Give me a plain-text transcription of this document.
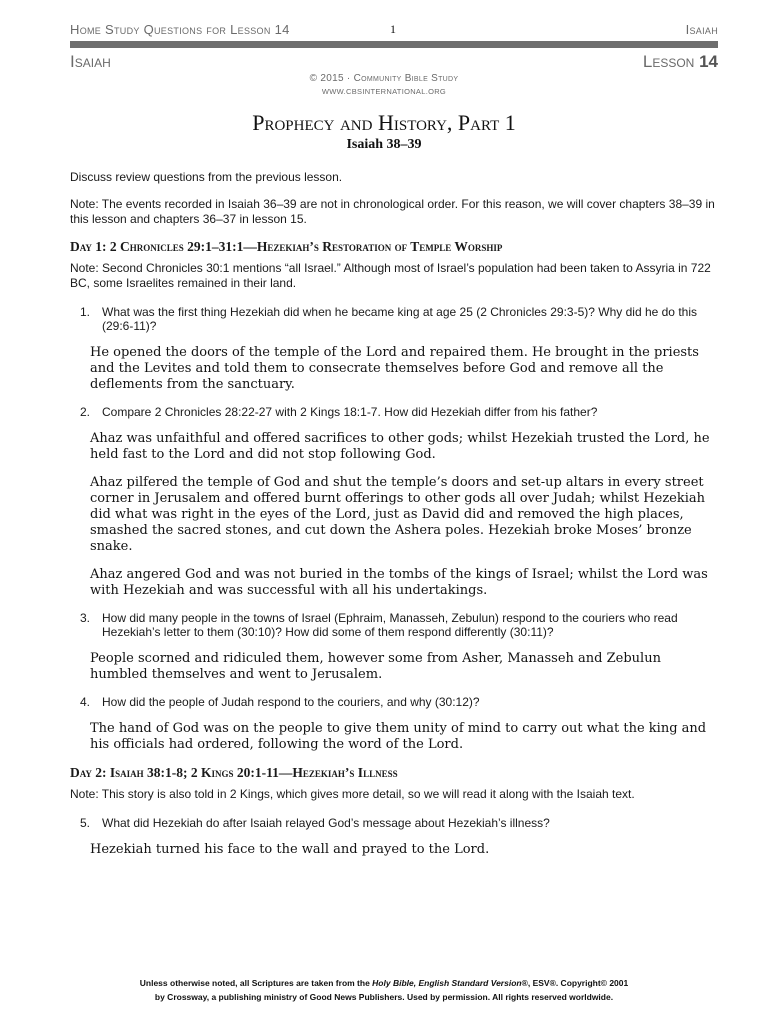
Home Study Questions for Lesson 14	1	Isaiah
Isaiah	Lesson 14
© 2015 · Community Bible Study
WWW.CBSINTERNATIONAL.ORG
Prophecy and History, Part 1
Isaiah 38–39

Discuss review questions from the previous lesson.

Note: The events recorded in Isaiah 36–39 are not in chronological order. For this reason, we will cover chapters 38–39 in this lesson and chapters 36–37 in lesson 15.

Day 1: 2 Chronicles 29:1–31:1—Hezekiah’s Restoration of Temple Worship

Note: Second Chronicles 30:1 mentions “all Israel.” Although most of Israel’s population had been taken to Assyria in 722 BC, some Israelites remained in their land.

1. What was the first thing Hezekiah did when he became king at age 25 (2 Chronicles 29:3-5)? Why did he do this (29:6-11)?

He opened the doors of the temple of the Lord and repaired them. He brought in the priests and the Levites and told them to consecrate themselves before God and remove all the deflements from the sanctuary.

2. Compare 2 Chronicles 28:22-27 with 2 Kings 18:1-7. How did Hezekiah differ from his father?

Ahaz was unfaithful and offered sacrifices to other gods; whilst Hezekiah trusted the Lord, he held fast to the Lord and did not stop following God.

Ahaz pilfered the temple of God and shut the temple’s doors and set-up altars in every street corner in Jerusalem and offered burnt offerings to other gods all over Judah; whilst Hezekiah did what was right in the eyes of the Lord, just as David did and removed the high places, smashed the sacred stones, and cut down the Ashera poles. Hezekiah broke Moses’ bronze snake.

Ahaz angered God and was not buried in the tombs of the kings of Israel; whilst the Lord was with Hezekiah and was successful with all his undertakings.

3. How did many people in the towns of Israel (Ephraim, Manasseh, Zebulun) respond to the couriers who read Hezekiah’s letter to them (30:10)? How did some of them respond differently (30:11)?

People scorned and ridiculed them, however some from Asher, Manasseh and Zebulun humbled themselves and went to Jerusalem.

4. How did the people of Judah respond to the couriers, and why (30:12)?

The hand of God was on the people to give them unity of mind to carry out what the king and his officials had ordered, following the word of the Lord.

Day 2: Isaiah 38:1-8; 2 Kings 20:1-11—Hezekiah’s Illness

Note: This story is also told in 2 Kings, which gives more detail, so we will read it along with the Isaiah text.

5. What did Hezekiah do after Isaiah relayed God’s message about Hezekiah’s illness?

Hezekiah turned his face to the wall and prayed to the Lord.

Unless otherwise noted, all Scriptures are taken from the Holy Bible, English Standard Version®, ESV®. Copyright© 2001
by Crossway, a publishing ministry of Good News Publishers. Used by permission. All rights reserved worldwide.
